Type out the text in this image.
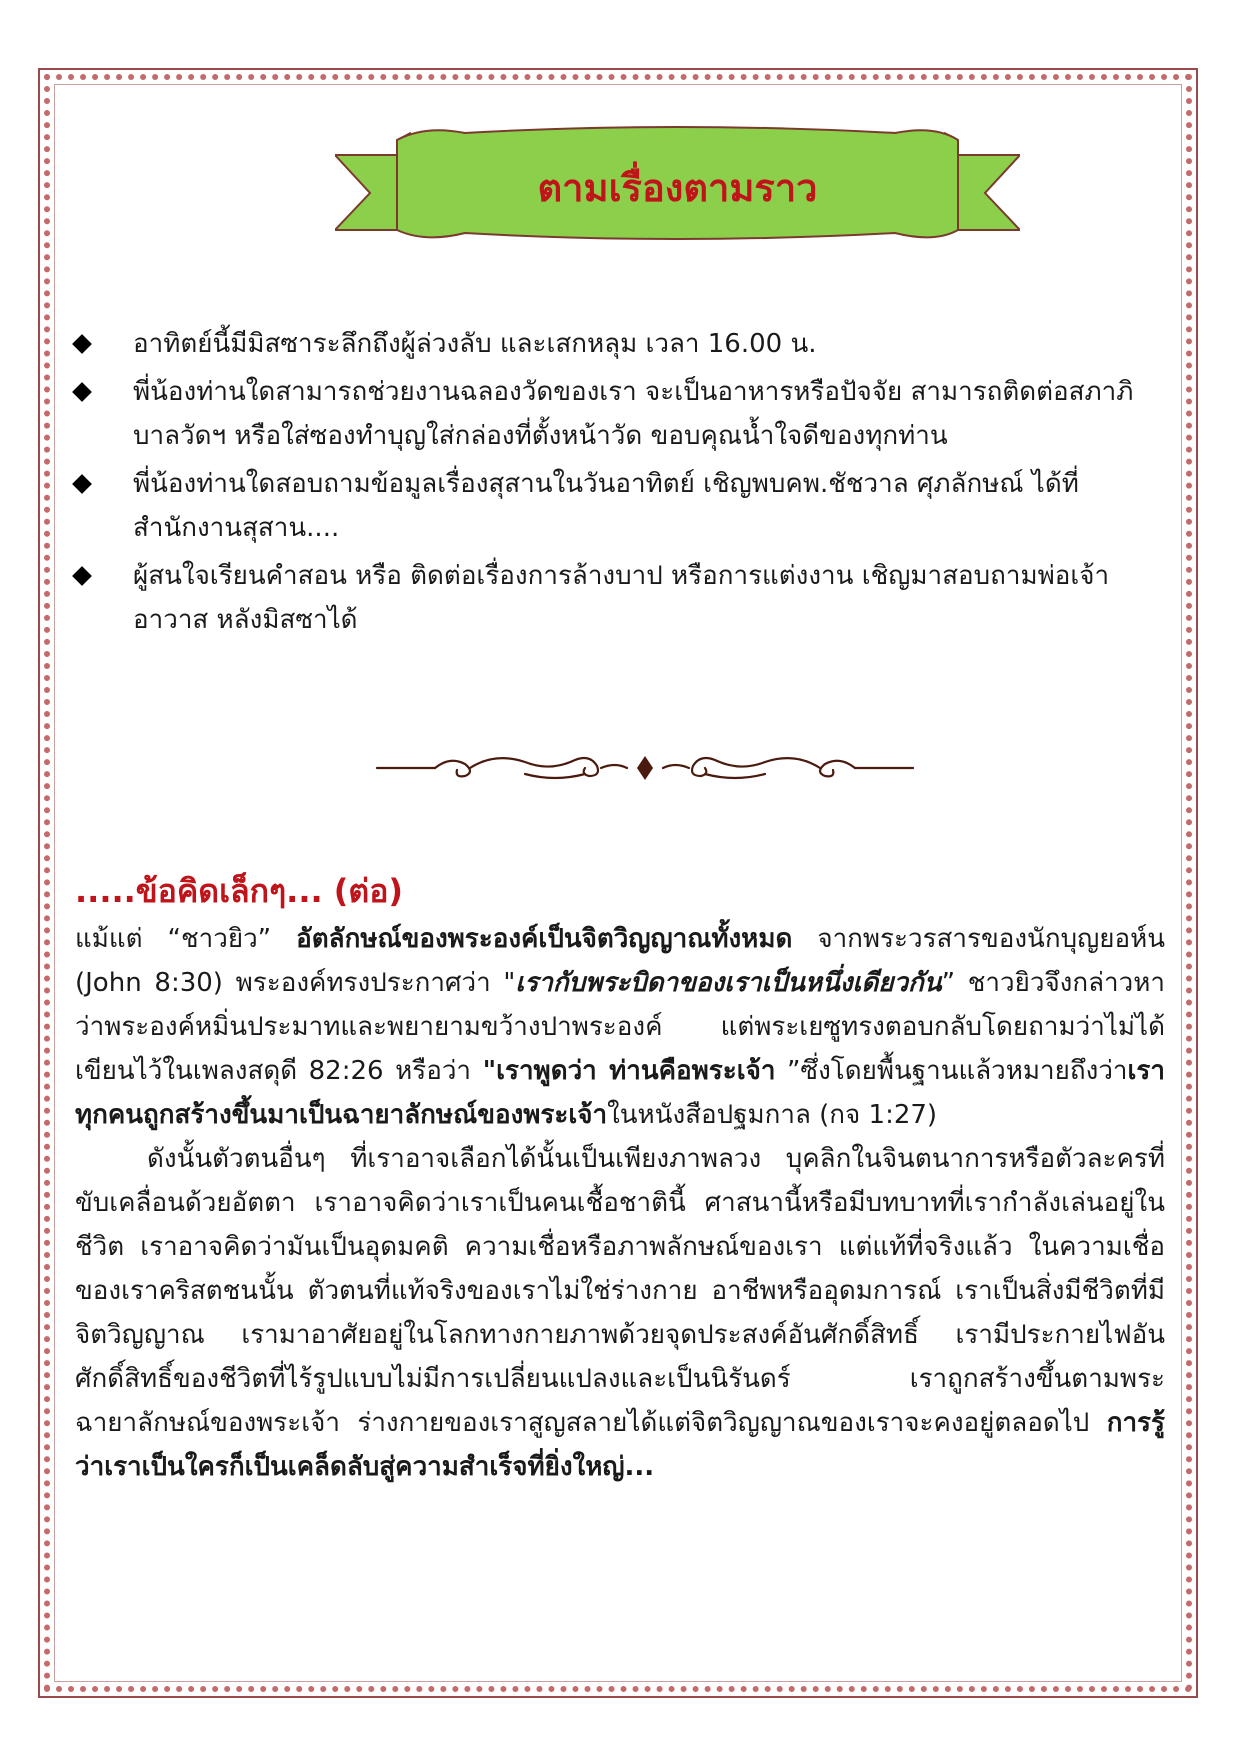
ตามเรื่องตามราว
อาทิตย์นี้มีมิสซาระลึกถึงผู้ล่วงลับ และเสกหลุม เวลา 16.00 น.
พี่น้องท่านใดสามารถช่วยงานฉลองวัดของเรา จะเป็นอาหารหรือปัจจัย สามารถติดต่อสภาภิบาลวัดฯ หรือใส่ซองทำบุญใส่กล่องที่ตั้งหน้าวัด ขอบคุณน้ำใจดีของทุกท่าน
พี่น้องท่านใดสอบถามข้อมูลเรื่องสุสานในวันอาทิตย์ เชิญพบคพ.ชัชวาล ศุภลักษณ์ ได้ที่สำนักงานสุสาน....
ผู้สนใจเรียนคำสอน หรือ ติดต่อเรื่องการล้างบาป หรือการแต่งงาน เชิญมาสอบถามพ่อเจ้าอาวาส หลังมิสซาได้
.....ข้อคิดเล็กๆ... (ต่อ)

แม้แต่ “ชาวยิว” อัตลักษณ์ของพระองค์เป็นจิตวิญญาณทั้งหมด จากพระวรสารของนักบุญยอห์น (John 8:30) พระองค์ทรงประกาศว่า "เรากับพระบิดาของเราเป็นหนึ่งเดียวกัน” ชาวยิวจึงกล่าวหาว่าพระองค์หมิ่นประมาทและพยายามขว้างปาพระองค์ แต่พระเยซูทรงตอบกลับโดยถามว่าไม่ได้เขียนไว้ในเพลงสดุดี 82:26 หรือว่า "เราพูดว่า ท่านคือพระเจ้า ”ซึ่งโดยพื้นฐานแล้วหมายถึงว่าเราทุกคนถูกสร้างขึ้นมาเป็นฉายาลักษณ์ของพระเจ้าในหนังสือปฐมกาล (กจ 1:27)

ดังนั้นตัวตนอื่นๆ ที่เราอาจเลือกได้นั้นเป็นเพียงภาพลวง บุคลิกในจินตนาการหรือตัวละครที่ขับเคลื่อนด้วยอัตตา เราอาจคิดว่าเราเป็นคนเชื้อชาตินี้ ศาสนานี้หรือมีบทบาทที่เรากำลังเล่นอยู่ในชีวิต เราอาจคิดว่ามันเป็นอุดมคติ ความเชื่อหรือภาพลักษณ์ของเรา แต่แท้ที่จริงแล้ว ในความเชื่อของเราคริสตชนนั้น ตัวตนที่แท้จริงของเราไม่ใช่ร่างกาย อาชีพหรืออุดมการณ์ เราเป็นสิ่งมีชีวิตที่มีจิตวิญญาณ เรามาอาศัยอยู่ในโลกทางกายภาพด้วยจุดประสงค์อันศักดิ์สิทธิ์ เรามีประกายไฟอันศักดิ์สิทธิ์ของชีวิตที่ไร้รูปแบบไม่มีการเปลี่ยนแปลงและเป็นนิรันดร์ เราถูกสร้างขึ้นตามพระฉายาลักษณ์ของพระเจ้า ร่างกายของเราสูญสลายได้แต่จิตวิญญาณของเราจะคงอยู่ตลอดไป การรู้ว่าเราเป็นใครก็เป็นเคล็ดลับสู่ความสำเร็จที่ยิ่งใหญ่...
